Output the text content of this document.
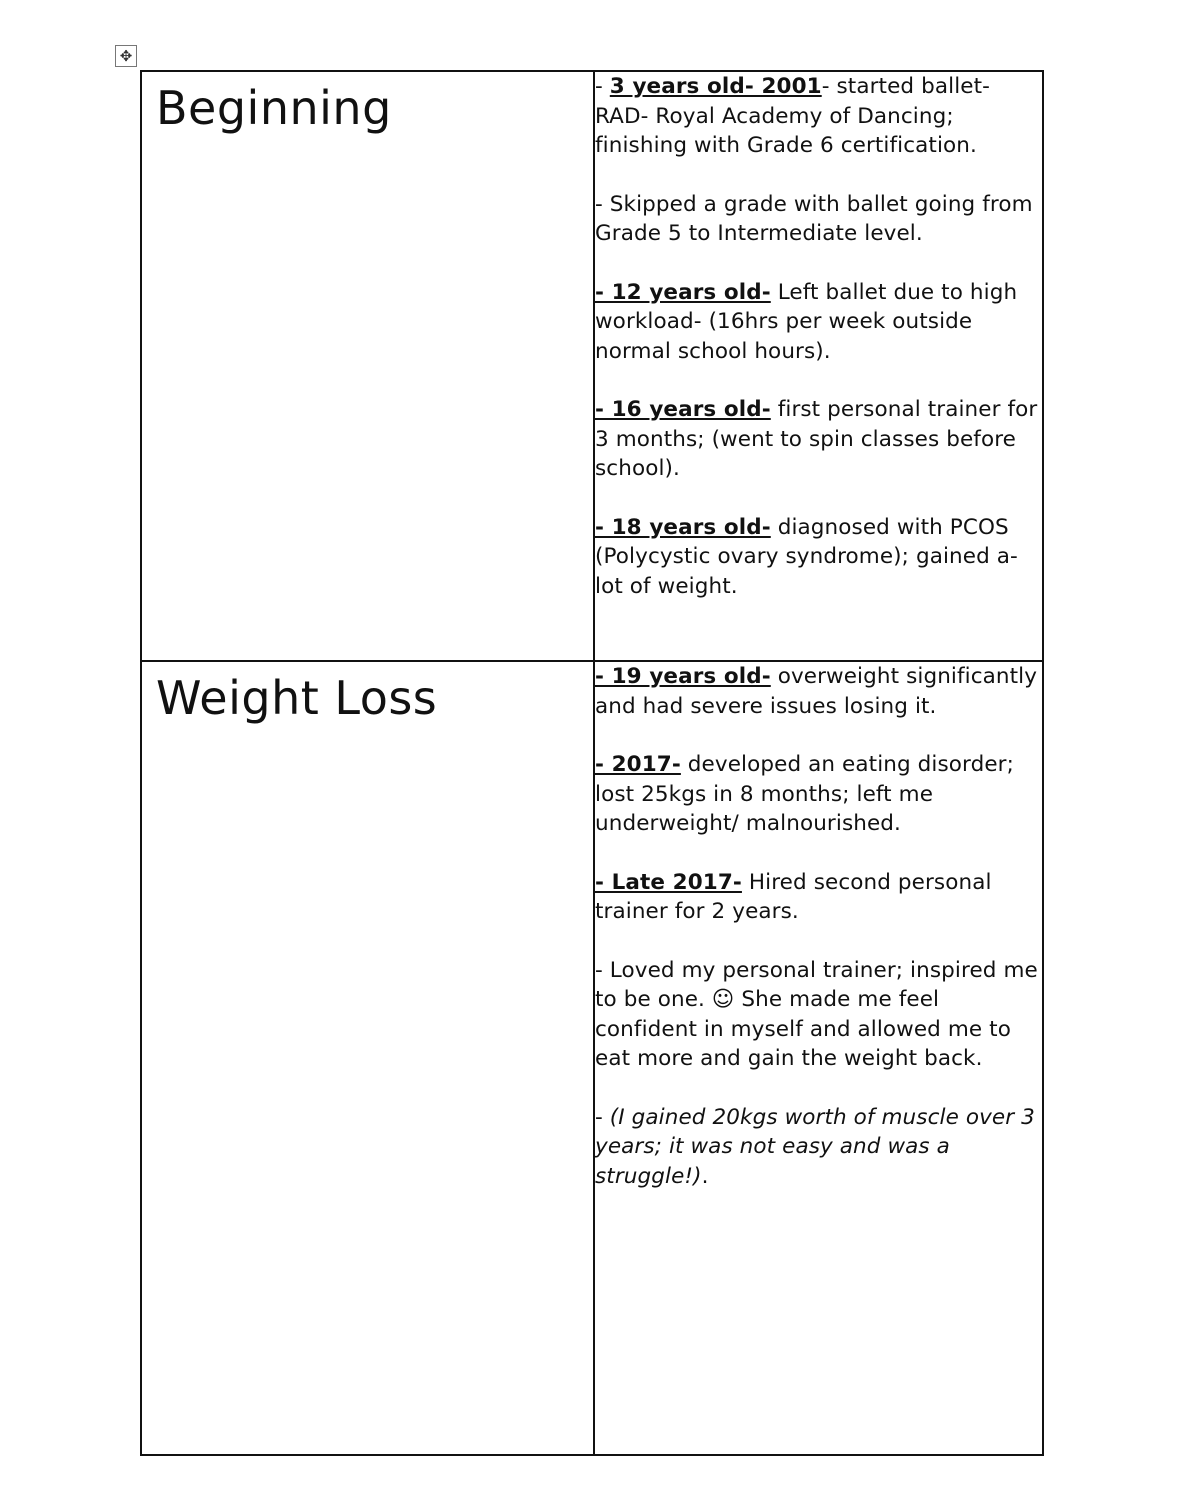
✥
Beginning	- 3 years old- 2001- started ballet- RAD- Royal Academy of Dancing; finishing with Grade 6 certification.
- Skipped a grade with ballet going from Grade 5 to Intermediate level.
- 12 years old- Left ballet due to high workload- (16hrs per week outside normal school hours).
- 16 years old- first personal trainer for 3 months; (went to spin classes before school).
- 18 years old- diagnosed with PCOS (Polycystic ovary syndrome); gained a-lot of weight.

Weight Loss	- 19 years old- overweight significantly and had severe issues losing it.
- 2017- developed an eating disorder; lost 25kgs in 8 months; left me underweight/ malnourished.
- Late 2017- Hired second personal trainer for 2 years.
- Loved my personal trainer; inspired me to be one. ☺ She made me feel confident in myself and allowed me to eat more and gain the weight back.
- (I gained 20kgs worth of muscle over 3 years; it was not easy and was a struggle!).
